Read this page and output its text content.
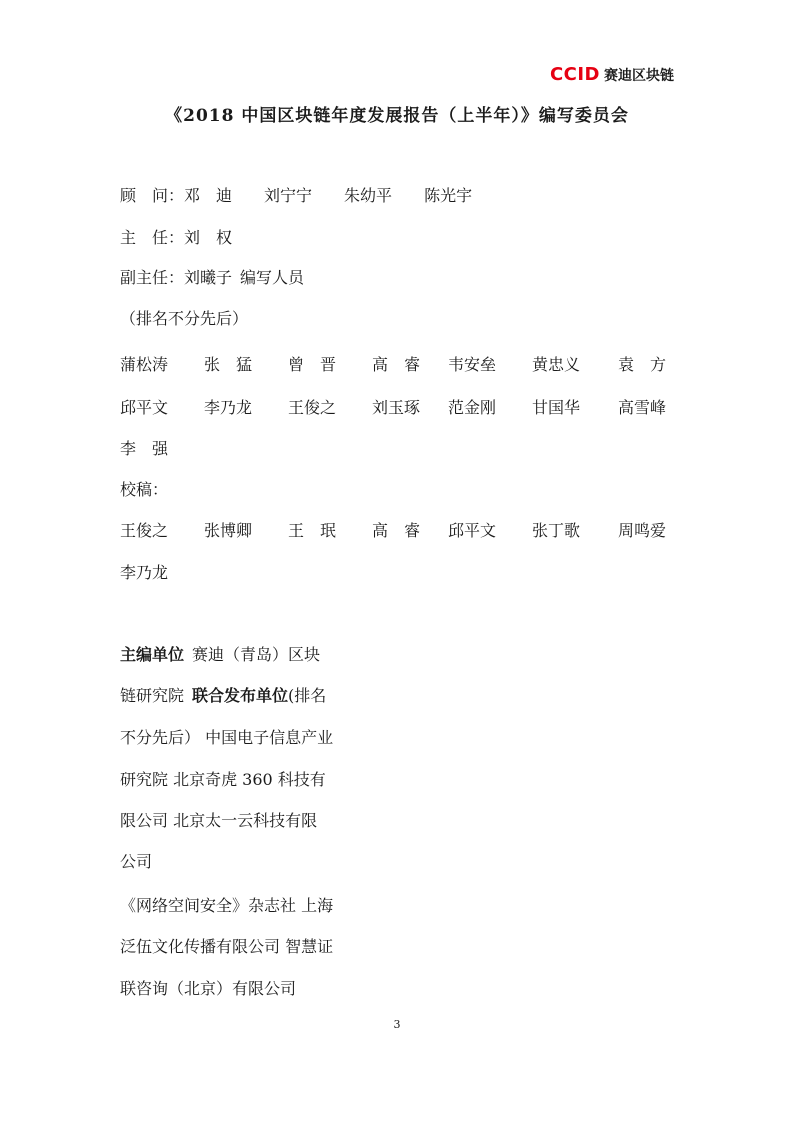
CCID 赛迪区块链
《2018 中国区块链年度发展报告（上半年）》编写委员会
顾　问：邓　迪 刘宁宁 朱幼平 陈光宇
主　任：刘　权
副主任：刘曦子 编写人员
（排名不分先后）
蒲松涛 张　猛 曾　晋 高　睿 韦安垒 黄忠义 袁　方
邱平文 李乃龙 王俊之 刘玉琢 范金刚 甘国华 高雪峰
李　强
校稿：
王俊之 张博卿 王　珉 高　睿 邱平文 张丁歌 周鸣爱
李乃龙
主编单位 赛迪（青岛）区块
链研究院 联合发布单位(排名
不分先后） 中国电子信息产业
研究院 北京奇虎 360 科技有
限公司 北京太一云科技有限
公司
《网络空间安全》杂志社 上海
泛伍文化传播有限公司 智慧证
联咨询（北京）有限公司
3
